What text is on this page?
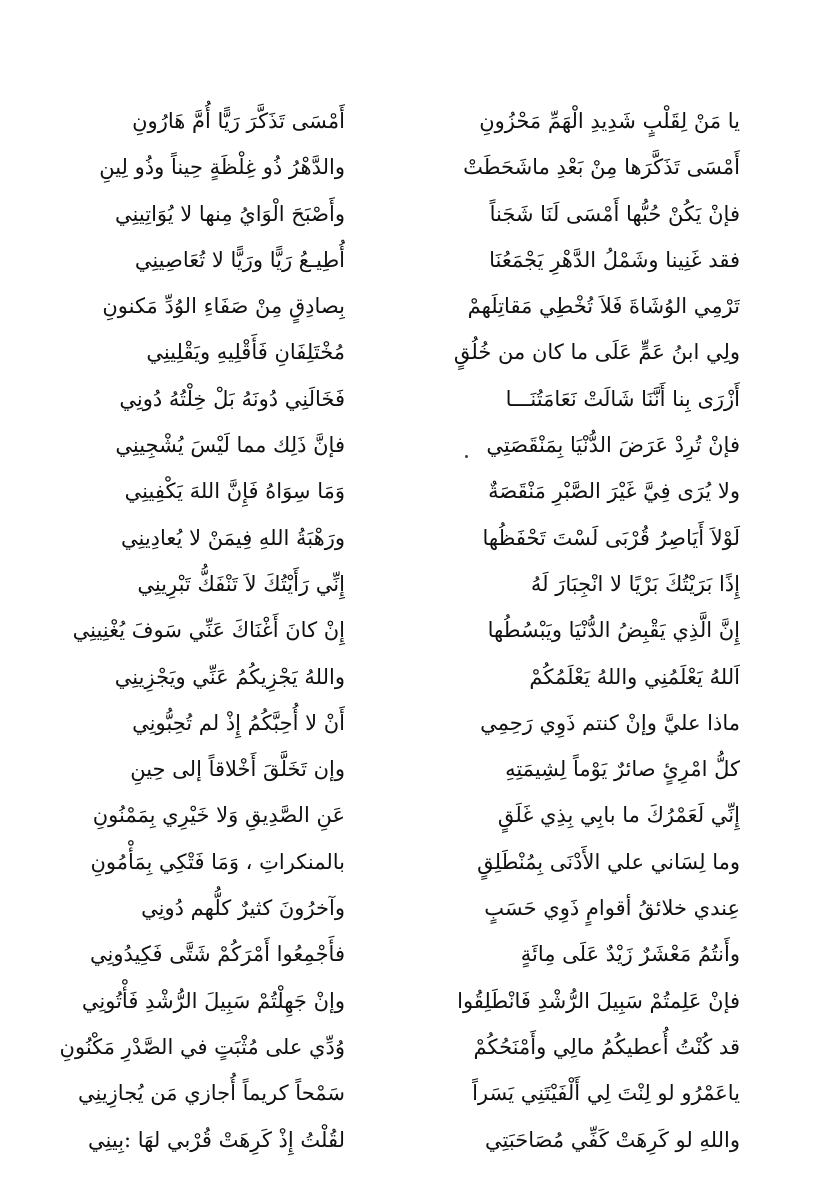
يا مَنْ لِقَلْبٍ شَدِيدِ الْهَمِّ مَحْزُونِ
أَمْسَى تَذَكَّرَها مِنْ بَعْدِ ماشَحَطَتْ
فإنْ يَكُنْ حُبُّها أَمْسَى لَنَا شَجَناً
فقد غَنِينا وشَمْلُ الدَّهْرِ يَجْمَعُنَا
تَرْمِي الوُشَاةَ فَلاَ تُخْطِي مَقاتِلَهمْ
ولِي ابنُ عَمٍّ عَلَى ما كان من خُلُقٍ
أَزْرَى بِنا أَنَّنَا شَالَتْ نَعَامَتُنَـــا
فإنْ تُرِدْ عَرَضَ الدُّنْيَا بِمَنْقَصَتِي
ولا يُرَى فِيَّ غَيْرَ الصَّبْرِ مَنْقَصَةٌ
لَوْلاَ أَيَاصِرُ قُرْبَى لَسْتَ تَحْفَظُها
إِذًا بَرَيْتُكَ بَرْيًا لا انْجِبَارَ لَهُ
إِنَّ الَّذِي يَقْبِضُ الدُّنْيَا ويَبْسُطُها
اَللهُ يَعْلَمُنِي واللهُ يَعْلَمُكُمْ
ماذا عليَّ وإنْ كنتم ذَوِي رَحِمِي
كلُّ امْرِئٍ صائرٌ يَوْماً لِشِيمَتِهِ
إِنِّي لَعَمْرُكَ ما بابِي بِذِي غَلَقٍ
وما لِسَاني علي الأَدْنَى بِمُنْطَلِقٍ
عِندي خلائقُ أقوامٍ ذَوِي حَسَبٍ
وأَنتُمُ مَعْشَرٌ زَيْدٌ عَلَى مِائَةٍ
فإنْ عَلِمتُمْ سَبِيلَ الرُّشْدِ فَانْطَلِقُوا
قد كُنْتُ أُعطيكُمُ مالِي وأَمْنَحُكُمْ
ياعَمْرُو لو لِنْتَ لِي أَلْفَيْتَنِي يَسَراً
واللهِ لو كَرِهَتْ كَفِّي مُصَاحَبَتِي
أَمْسَى تَذَكَّرَ رَيًّا أُمَّ هَارُونِ
والدَّهْرُ ذُو غِلْظَةٍ حِيناً وذُو لِينِ
وأَصْبَحَ الْوَايُ مِنها لا يُوَاتِينِي
أُطِيـعُ رَيًّا ورَيًّا لا تُعَاصِينِي
بِصادِقٍ مِنْ صَفَاءِ الوُدِّ مَكنونِ
مُخْتَلِفَانِ فَأَقْلِيهِ ويَقْلِينِي
فَخَالَنِي دُونَهُ بَلْ خِلْتُهُ دُونِي
فإنَّ ذَلِك مما لَيْسَ يُشْجِينِي
وَمَا سِوَاهُ فَإِنَّ اللهَ يَكْفِينِي
ورَهْبَةُ اللهِ فِيمَنْ لا يُعادِينِي
إِنِّي رَأَيْتُكَ لاَ تَنْفَكُّ تَبْرِينِي
إِنْ كانَ أَغْنَاكَ عَنِّي سَوفَ يُغْنِينِي
واللهُ يَجْزِيكُمُ عَنِّي ويَجْزِينِي
أَنْ لا أُحِبَّكُمُ إِذْ لم تُحِبُّونِي
وإن تَخَلَّقَ أَخْلاقاً إلى حِينِ
عَنِ الصَّدِيقِ وَلا خَيْرِي بِمَمْنُونِ
بالمنكراتِ ، وَمَا فَتْكِي بِمَأْمُونِ
وآخرُونَ كثيرٌ كلُّهم دُونِي
فأَجْمِعُوا أَمْرَكُمْ شَتَّى فَكِيدُونِي
وإنْ جَهِلْتُمْ سَبِيلَ الرُّشْدِ فَأْتُونِي
وُدِّي على مُثْبَتٍ في الصَّدْرِ مَكْنُونِ
سَمْحاً كريماً أُجازي مَن يُجازِينِي
لقُلْتُ إِذْ كَرِهَتْ قُرْبي لهَا :بِينِي
